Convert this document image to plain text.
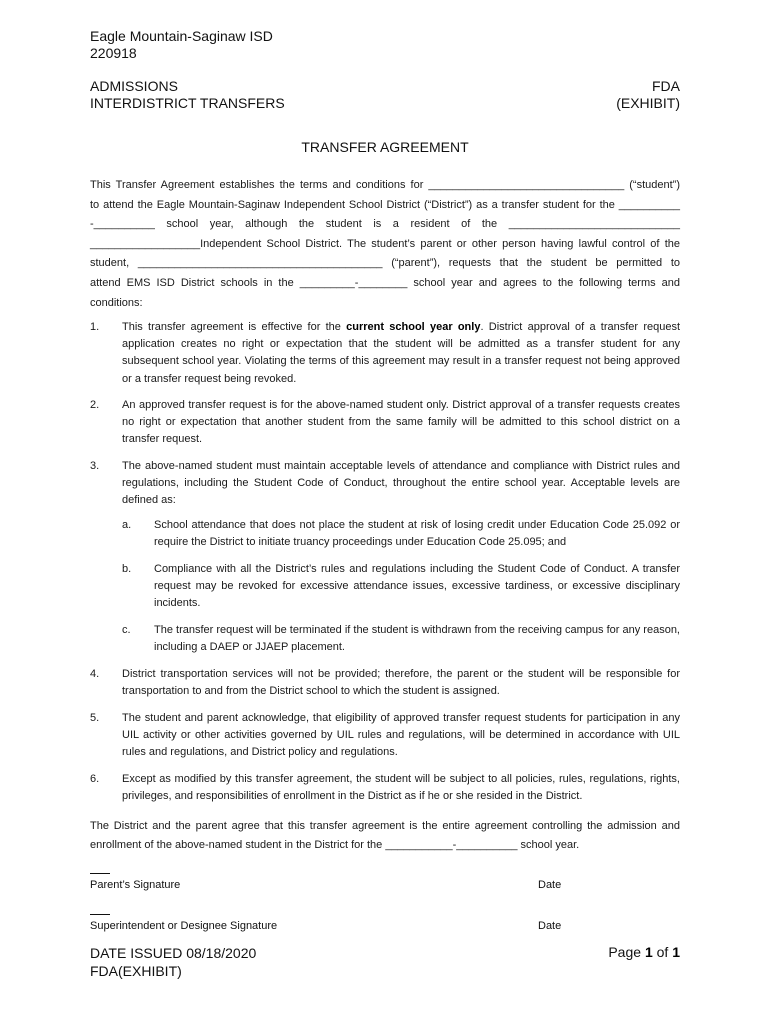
Eagle Mountain-Saginaw ISD
220918
ADMISSIONS
INTERDISTRICT TRANSFERS
FDA
(EXHIBIT)
TRANSFER AGREEMENT
This Transfer Agreement establishes the terms and conditions for ________________________________ (“student”)
to attend the Eagle Mountain-Saginaw Independent School District (“District”) as a transfer student for the __________
-__________ school year, although the student is a resident of the ____________________________
__________________Independent School District. The student’s parent or other person having lawful control of the
student, ________________________________________ (“parent”), requests that the student be permitted to
attend EMS ISD District schools in the _________-________ school year and agrees to the following terms and
conditions:
1.	This transfer agreement is effective for the current school year only. District approval of a transfer request application creates no right or expectation that the student will be admitted as a transfer student for any subsequent school year. Violating the terms of this agreement may result in a transfer request not being approved or a transfer request being revoked.
2.	An approved transfer request is for the above-named student only. District approval of a transfer requests creates no right or expectation that another student from the same family will be admitted to this school district on a transfer request.
3.	The above-named student must maintain acceptable levels of attendance and compliance with District rules and regulations, including the Student Code of Conduct, throughout the entire school year. Acceptable levels are defined as:
a.	School attendance that does not place the student at risk of losing credit under Education Code 25.092 or require the District to initiate truancy proceedings under Education Code 25.095; and
b.	Compliance with all the District’s rules and regulations including the Student Code of Conduct. A transfer request may be revoked for excessive attendance issues, excessive tardiness, or excessive disciplinary incidents.
c.	The transfer request will be terminated if the student is withdrawn from the receiving campus for any reason, including a DAEP or JJAEP placement.
4.	District transportation services will not be provided; therefore, the parent or the student will be responsible for transportation to and from the District school to which the student is assigned.
5.	The student and parent acknowledge, that eligibility of approved transfer request students for participation in any UIL activity or other activities governed by UIL rules and regulations, will be determined in accordance with UIL rules and regulations, and District policy and regulations.
6.	Except as modified by this transfer agreement, the student will be subject to all policies, rules, regulations, rights, privileges, and responsibilities of enrollment in the District as if he or she resided in the District.
The District and the parent agree that this transfer agreement is the entire agreement controlling the admission and enrollment of the above-named student in the District for the ___________-__________ school year.
Parent’s Signature	Date
Superintendent or Designee Signature	Date
DATE ISSUED 08/18/2020
FDA(EXHIBIT)
Page 1 of 1
